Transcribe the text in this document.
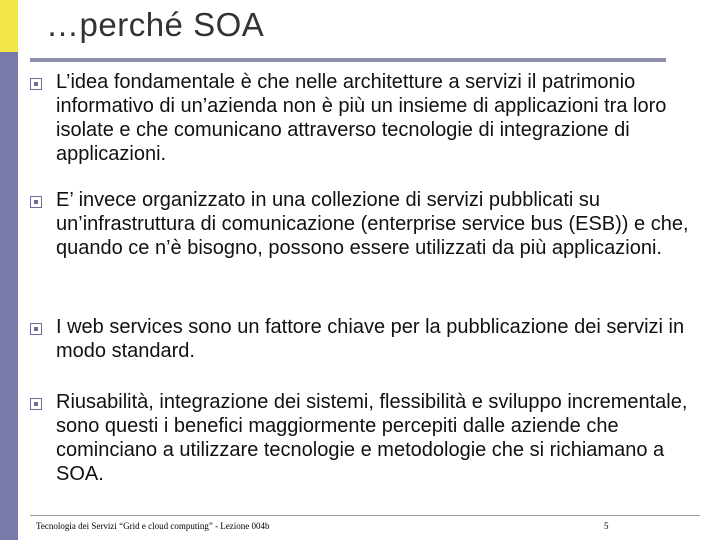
…perché SOA
L’idea fondamentale è che nelle architetture a servizi il patrimonio informativo di un’azienda non è più un insieme di applicazioni tra loro isolate e che comunicano attraverso tecnologie di integrazione di applicazioni.
E’ invece organizzato in una collezione di servizi pubblicati su un’infrastruttura di comunicazione (enterprise service bus (ESB)) e che, quando ce n’è bisogno, possono essere utilizzati da più applicazioni.
I web services sono un fattore chiave per la pubblicazione dei servizi in modo standard.
Riusabilità, integrazione dei sistemi, flessibilità e sviluppo incrementale, sono questi i benefici maggiormente percepiti dalle aziende che cominciano a utilizzare tecnologie e metodologie che si richiamano a SOA.
Tecnologia dei Servizi “Grid e cloud computing” - Lezione 004b	5
